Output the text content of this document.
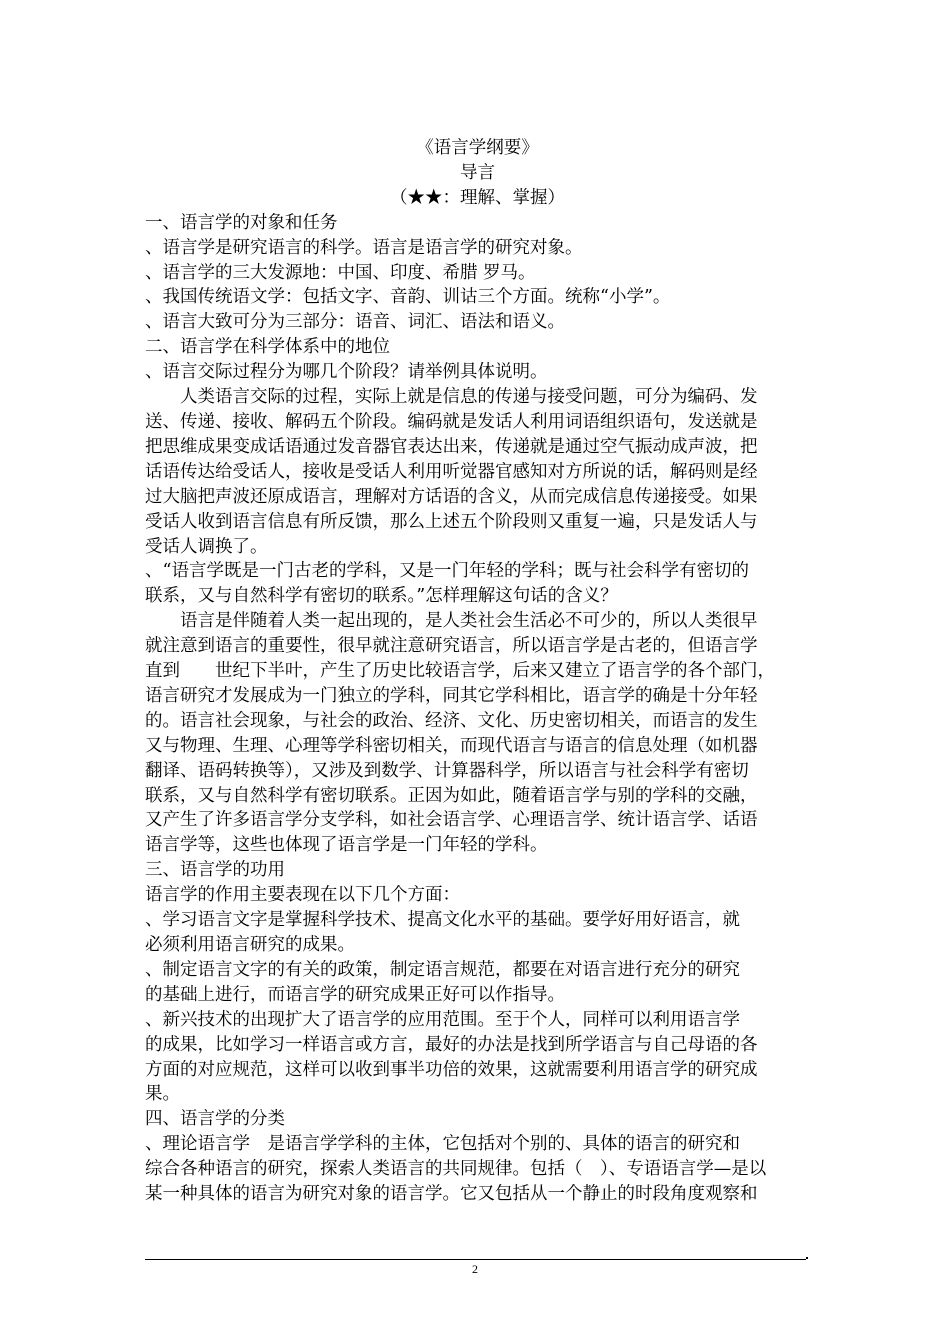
《语言学纲要》
导言
（★★：理解、掌握）
一、语言学的对象和任务
、语言学是研究语言的科学。语言是语言学的研究对象。
、语言学的三大发源地：中国、印度、希腊 罗马。
、我国传统语文学：包括文字、音韵、训诂三个方面。统称“小学”。
、语言大致可分为三部分：语音、词汇、语法和语义。
二、语言学在科学体系中的地位
、语言交际过程分为哪几个阶段？请举例具体说明。
人类语言交际的过程，实际上就是信息的传递与接受问题，可分为编码、发
送、传递、接收、解码五个阶段。编码就是发话人利用词语组织语句，发送就是
把思维成果变成话语通过发音器官表达出来，传递就是通过空气振动成声波，把
话语传达给受话人，接收是受话人利用听觉器官感知对方所说的话，解码则是经
过大脑把声波还原成语言，理解对方话语的含义，从而完成信息传递接受。如果
受话人收到语言信息有所反馈，那么上述五个阶段则又重复一遍，只是发话人与
受话人调换了。
、“语言学既是一门古老的学科，又是一门年轻的学科；既与社会科学有密切的
联系，又与自然科学有密切的联系。”怎样理解这句话的含义？
语言是伴随着人类一起出现的，是人类社会生活必不可少的，所以人类很早
就注意到语言的重要性，很早就注意研究语言，所以语言学是古老的，但语言学
直到　　世纪下半叶，产生了历史比较语言学，后来又建立了语言学的各个部门，
语言研究才发展成为一门独立的学科，同其它学科相比，语言学的确是十分年轻
的。语言社会现象，与社会的政治、经济、文化、历史密切相关，而语言的发生
又与物理、生理、心理等学科密切相关，而现代语言与语言的信息处理（如机器
翻译、语码转换等），又涉及到数学、计算器科学，所以语言与社会科学有密切
联系，又与自然科学有密切联系。正因为如此，随着语言学与别的学科的交融，
又产生了许多语言学分支学科，如社会语言学、心理语言学、统计语言学、话语
语言学等，这些也体现了语言学是一门年轻的学科。
三、语言学的功用
语言学的作用主要表现在以下几个方面：
、学习语言文字是掌握科学技术、提高文化水平的基础。要学好用好语言，就
必须利用语言研究的成果。
、制定语言文字的有关的政策，制定语言规范，都要在对语言进行充分的研究
的基础上进行，而语言学的研究成果正好可以作指导。
、新兴技术的出现扩大了语言学的应用范围。至于个人，同样可以利用语言学
的成果，比如学习一样语言或方言，最好的办法是找到所学语言与自己母语的各
方面的对应规范，这样可以收到事半功倍的效果，这就需要利用语言学的研究成
果。
四、语言学的分类
、理论语言学　是语言学学科的主体，它包括对个别的、具体的语言的研究和
综合各种语言的研究，探索人类语言的共同规律。包括（　）、专语语言学—是以
某一种具体的语言为研究对象的语言学。它又包括从一个静止的时段角度观察和
2
